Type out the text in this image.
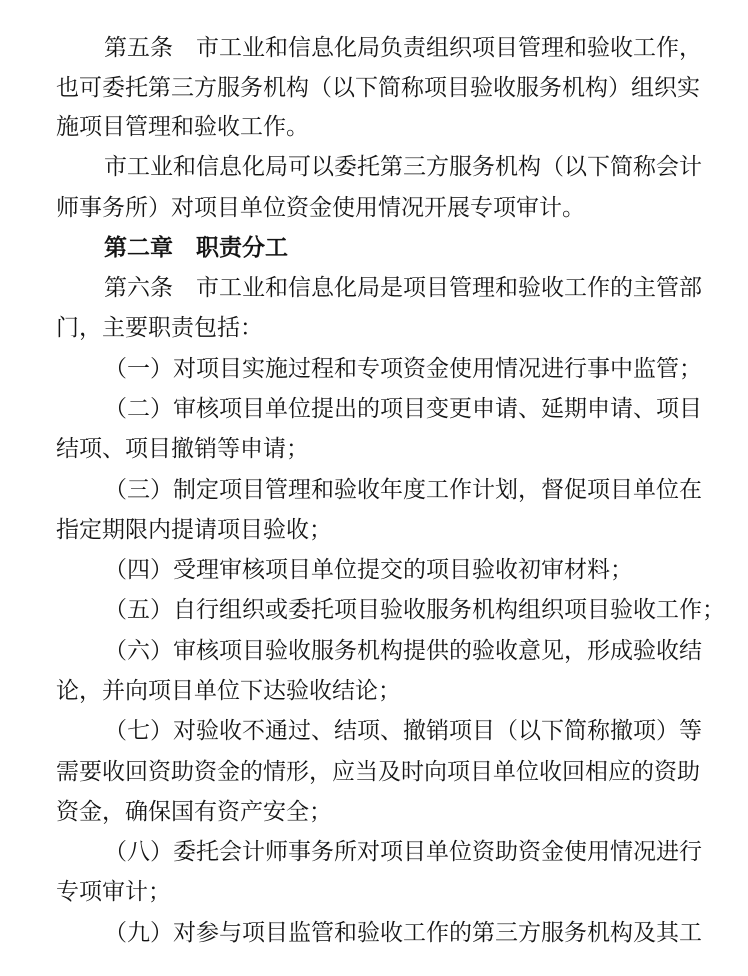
第五条　市工业和信息化局负责组织项目管理和验收工作，
也可委托第三方服务机构（以下简称项目验收服务机构）组织实
施项目管理和验收工作。
市工业和信息化局可以委托第三方服务机构（以下简称会计
师事务所）对项目单位资金使用情况开展专项审计。
第二章　职责分工
第六条　市工业和信息化局是项目管理和验收工作的主管部
门，主要职责包括：
（一）对项目实施过程和专项资金使用情况进行事中监管；
（二）审核项目单位提出的项目变更申请、延期申请、项目
结项、项目撤销等申请；
（三）制定项目管理和验收年度工作计划，督促项目单位在
指定期限内提请项目验收；
（四）受理审核项目单位提交的项目验收初审材料；
（五）自行组织或委托项目验收服务机构组织项目验收工作；
（六）审核项目验收服务机构提供的验收意见，形成验收结
论，并向项目单位下达验收结论；
（七）对验收不通过、结项、撤销项目（以下简称撤项）等
需要收回资助资金的情形，应当及时向项目单位收回相应的资助
资金，确保国有资产安全；
（八）委托会计师事务所对项目单位资助资金使用情况进行
专项审计；
（九）对参与项目监管和验收工作的第三方服务机构及其工
